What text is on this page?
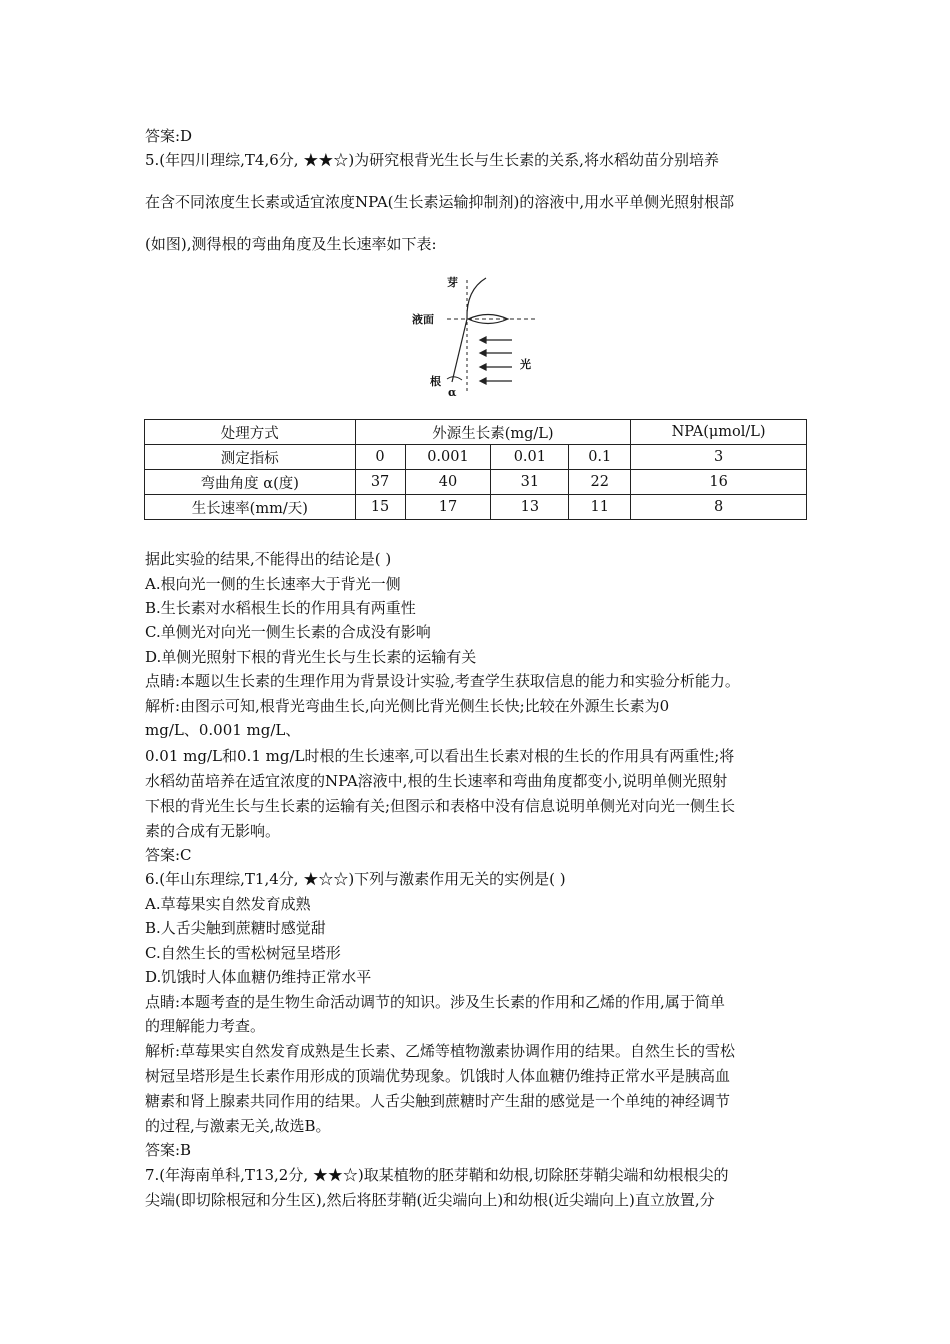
答案:D
5.(年四川理综,T4,6分, ★★☆)为研究根背光生长与生长素的关系,将水稻幼苗分别培养
在含不同浓度生长素或适宜浓度NPA(生长素运输抑制剂)的溶液中,用水平单侧光照射根部
(如图),测得根的弯曲角度及生长速率如下表:
芽
液面
光
根
α
处理方式	外源生长素(mg/L)				NPA(μmol/L)
测定指标	0	0.001	0.01	0.1	3
弯曲角度 α(度)	37	40	31	22	16
生长速率(mm/天)	15	17	13	11	8
据此实验的结果,不能得出的结论是( )
A.根向光一侧的生长速率大于背光一侧
B.生长素对水稻根生长的作用具有两重性
C.单侧光对向光一侧生长素的合成没有影响
D.单侧光照射下根的背光生长与生长素的运输有关
点睛:本题以生长素的生理作用为背景设计实验,考查学生获取信息的能力和实验分析能力。
解析:由图示可知,根背光弯曲生长,向光侧比背光侧生长快;比较在外源生长素为0
mg/L、0.001 mg/L、
0.01 mg/L和0.1 mg/L时根的生长速率,可以看出生长素对根的生长的作用具有两重性;将
水稻幼苗培养在适宜浓度的NPA溶液中,根的生长速率和弯曲角度都变小,说明单侧光照射
下根的背光生长与生长素的运输有关;但图示和表格中没有信息说明单侧光对向光一侧生长
素的合成有无影响。
答案:C
6.(年山东理综,T1,4分, ★☆☆)下列与激素作用无关的实例是( )
A.草莓果实自然发育成熟
B.人舌尖触到蔗糖时感觉甜
C.自然生长的雪松树冠呈塔形
D.饥饿时人体血糖仍维持正常水平
点睛:本题考查的是生物生命活动调节的知识。涉及生长素的作用和乙烯的作用,属于简单
的理解能力考查。
解析:草莓果实自然发育成熟是生长素、乙烯等植物激素协调作用的结果。自然生长的雪松
树冠呈塔形是生长素作用形成的顶端优势现象。饥饿时人体血糖仍维持正常水平是胰高血
糖素和肾上腺素共同作用的结果。人舌尖触到蔗糖时产生甜的感觉是一个单纯的神经调节
的过程,与激素无关,故选B。
答案:B
7.(年海南单科,T13,2分, ★★☆)取某植物的胚芽鞘和幼根,切除胚芽鞘尖端和幼根根尖的
尖端(即切除根冠和分生区),然后将胚芽鞘(近尖端向上)和幼根(近尖端向上)直立放置,分
